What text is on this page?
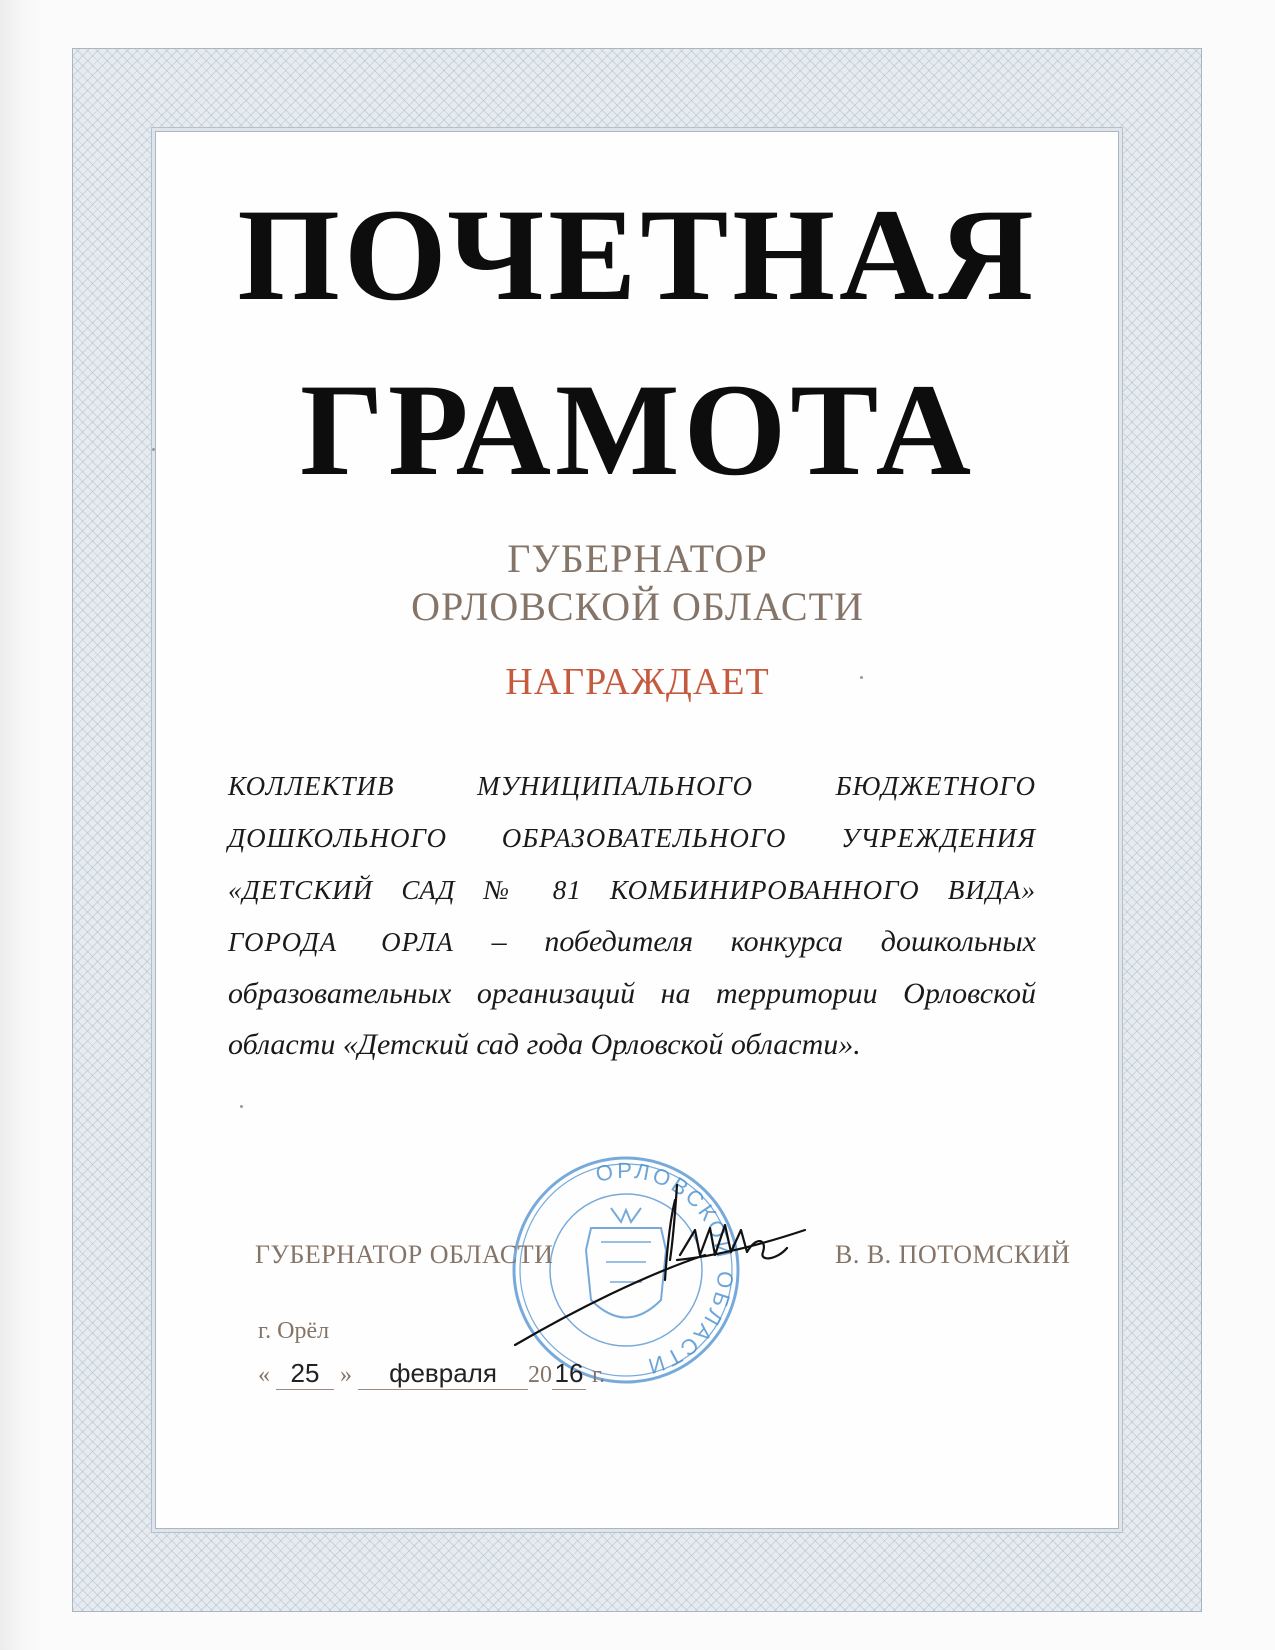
ПОЧЕТНАЯ
ГРАМОТА
ГУБЕРНАТОР
ОРЛОВСКОЙ ОБЛАСТИ
НАГРАЖДАЕТ
КОЛЛЕКТИВ МУНИЦИПАЛЬНОГО БЮДЖЕТНОГО ДОШКОЛЬНОГО ОБРАЗОВАТЕЛЬНОГО УЧРЕЖДЕНИЯ «ДЕТСКИЙ САД № 81 КОМБИНИРОВАННОГО ВИДА» ГОРОДА ОРЛА – победителя конкурса дошкольных образовательных организаций на территории Орловской области «Детский сад года Орловской области».
ОРЛОВСКОЙ ОБЛАСТИ
ГУБЕРНАТОР ОБЛАСТИ	В. В. ПОТОМСКИЙ
г. Орёл
« 25 » февраля 2016 г.
